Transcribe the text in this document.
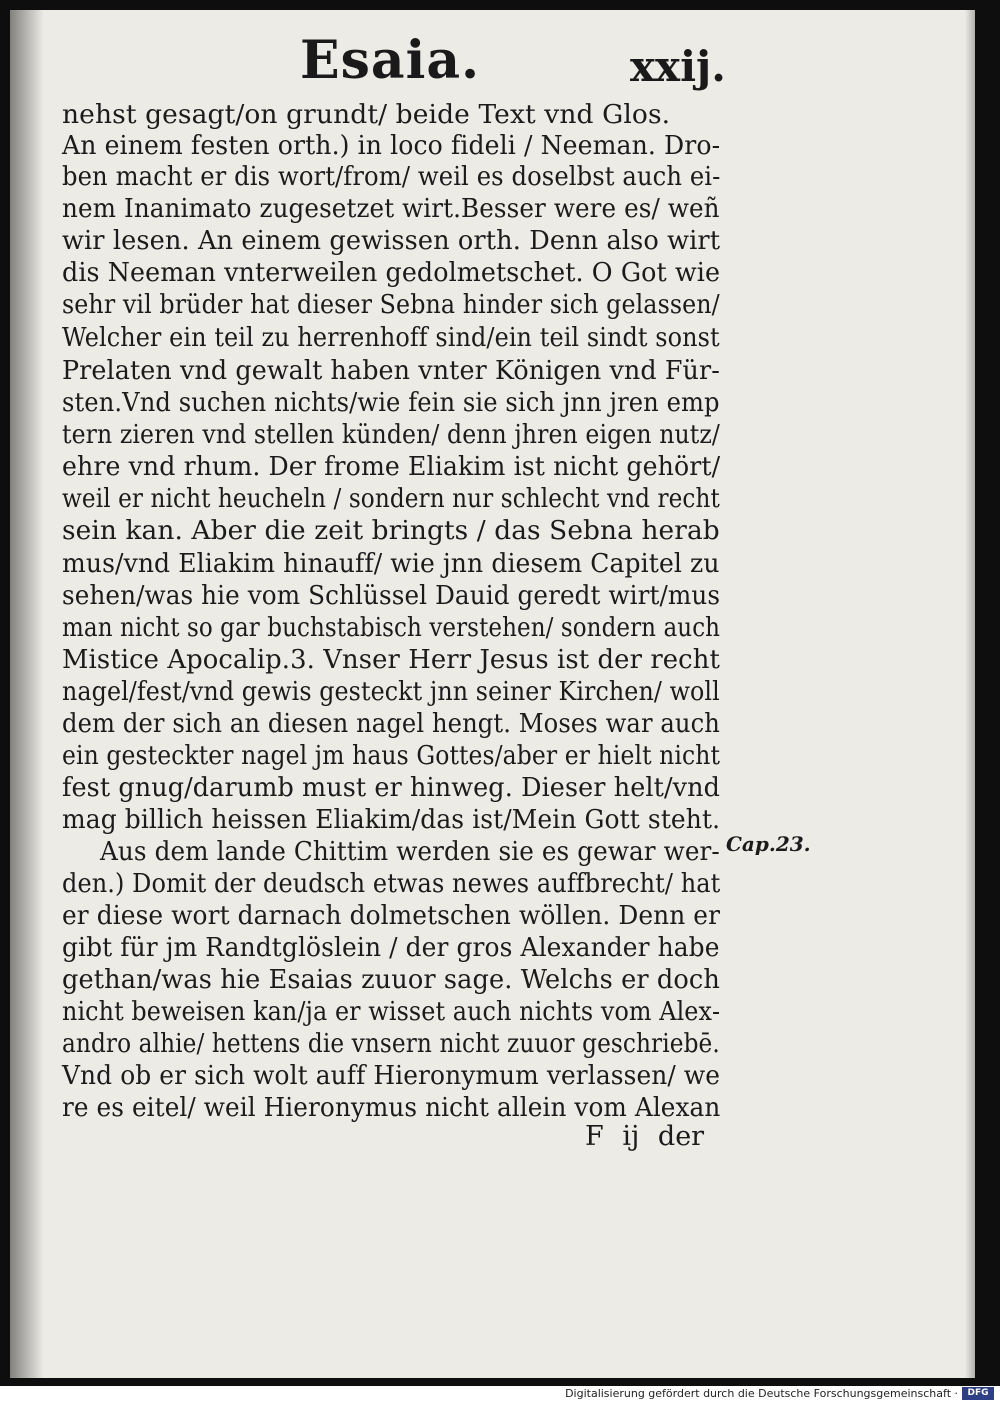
Esaia.	xxij.
nehst gesagt/on grundt/ beide Text vnd Glos.
An einem festen orth.) in loco fideli / Neeman. Dro‑
ben macht er dis wort/from/ weil es doselbst auch ei‑
nem Inanimato zugesetzet wirt.Besser were es/ weñ
wir lesen. An einem gewissen orth. Denn also wirt
dis Neeman vnterweilen gedolmetschet. O Got wie
sehr vil brüder hat dieser Sebna hinder sich gelassen/
Welcher ein teil zu herrenhoff sind/ein teil sindt sonst
Prelaten vnd gewalt haben vnter Königen vnd Für‑
sten.Vnd suchen nichts/wie fein sie sich jnn jren emp
tern zieren vnd stellen künden/ denn jhren eigen nutz/
ehre vnd rhum. Der frome Eliakim ist nicht gehört/
weil er nicht heucheln / sondern nur schlecht vnd recht
sein kan. Aber die zeit bringts / das Sebna herab
mus/vnd Eliakim hinauff/ wie jnn diesem Capitel zu
sehen/was hie vom Schlüssel Dauid geredt wirt/mus
man nicht so gar buchstabisch verstehen/ sondern auch
Mistice Apocalip.3. Vnser Herr Jesus ist der recht
nagel/fest/vnd gewis gesteckt jnn seiner Kirchen/ woll
dem der sich an diesen nagel hengt. Moses war auch
ein gesteckter nagel jm haus Gottes/aber er hielt nicht
fest gnug/darumb must er hinweg. Dieser helt/vnd
mag billich heissen Eliakim/das ist/Mein Gott steht.
Aus dem lande Chittim werden sie es gewar wer‑
den.) Domit der deudsch etwas newes auffbrecht/ hat
er diese wort darnach dolmetschen wöllen. Denn er
gibt für jm Randtglöslein / der gros Alexander habe
gethan/was hie Esaias zuuor sage. Welchs er doch
nicht beweisen kan/ja er wisset auch nichts vom Alex‑
andro alhie/ hettens die vnsern nicht zuuor geschriebē.
Vnd ob er sich wolt auff Hieronymum verlassen/ we
re es eitel/ weil Hieronymus nicht allein vom Alexan
Cap.23.
F ij der
Digitalisierung gefördert durch die Deutsche Forschungsgemeinschaft ·	DFG
